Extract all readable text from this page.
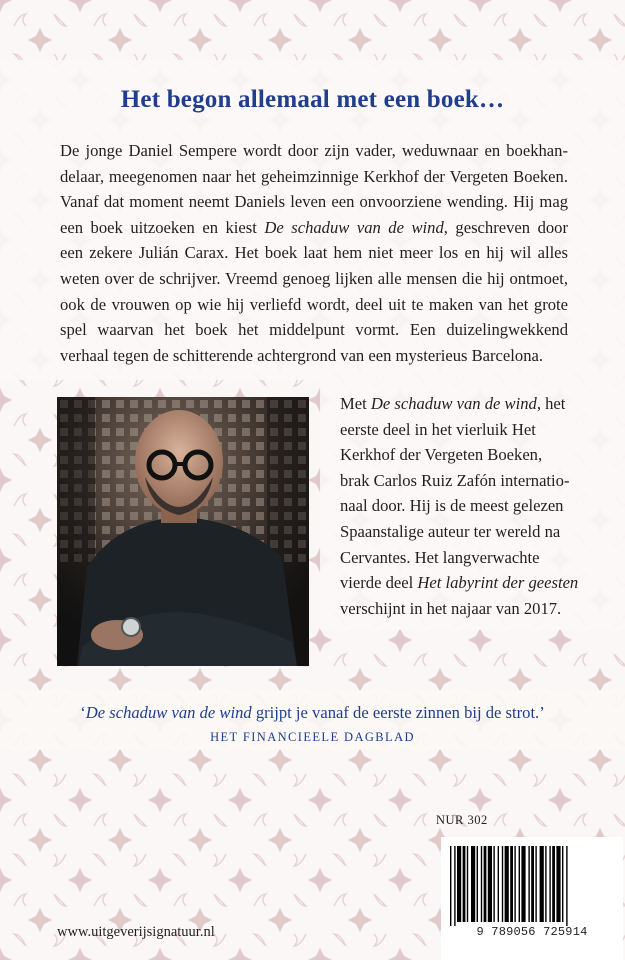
Het begon allemaal met een boek…

De jonge Daniel Sempere wordt door zijn vader, weduwnaar en boekhan-
delaar, meegenomen naar het geheimzinnige Kerkhof der Vergeten Boeken.
Vanaf dat moment neemt Daniels leven een onvoorziene wending. Hij mag
een boek uitzoeken en kiest De schaduw van de wind, geschreven door
een zekere Julián Carax. Het boek laat hem niet meer los en hij wil alles
weten over de schrijver. Vreemd genoeg lijken alle mensen die hij ontmoet,
ook de vrouwen op wie hij verliefd wordt, deel uit te maken van het grote
spel waarvan het boek het middelpunt vormt. Een duizelingwekkend
verhaal tegen de schitterende achtergrond van een mysterieus Barcelona.

Met De schaduw van de wind, het
eerste deel in het vierluik Het
Kerkhof der Vergeten Boeken,
brak Carlos Ruiz Zafón internatio-
naal door. Hij is de meest gelezen
Spaanstalige auteur ter wereld na
Cervantes. Het langverwachte
vierde deel Het labyrint der geesten
verschijnt in het najaar van 2017.

‘De schaduw van de wind grijpt je vanaf de eerste zinnen bij de strot.’

HET FINANCIEELE DAGBLAD

NUR 302

9 789056 725914

www.uitgeverijsignatuur.nl
